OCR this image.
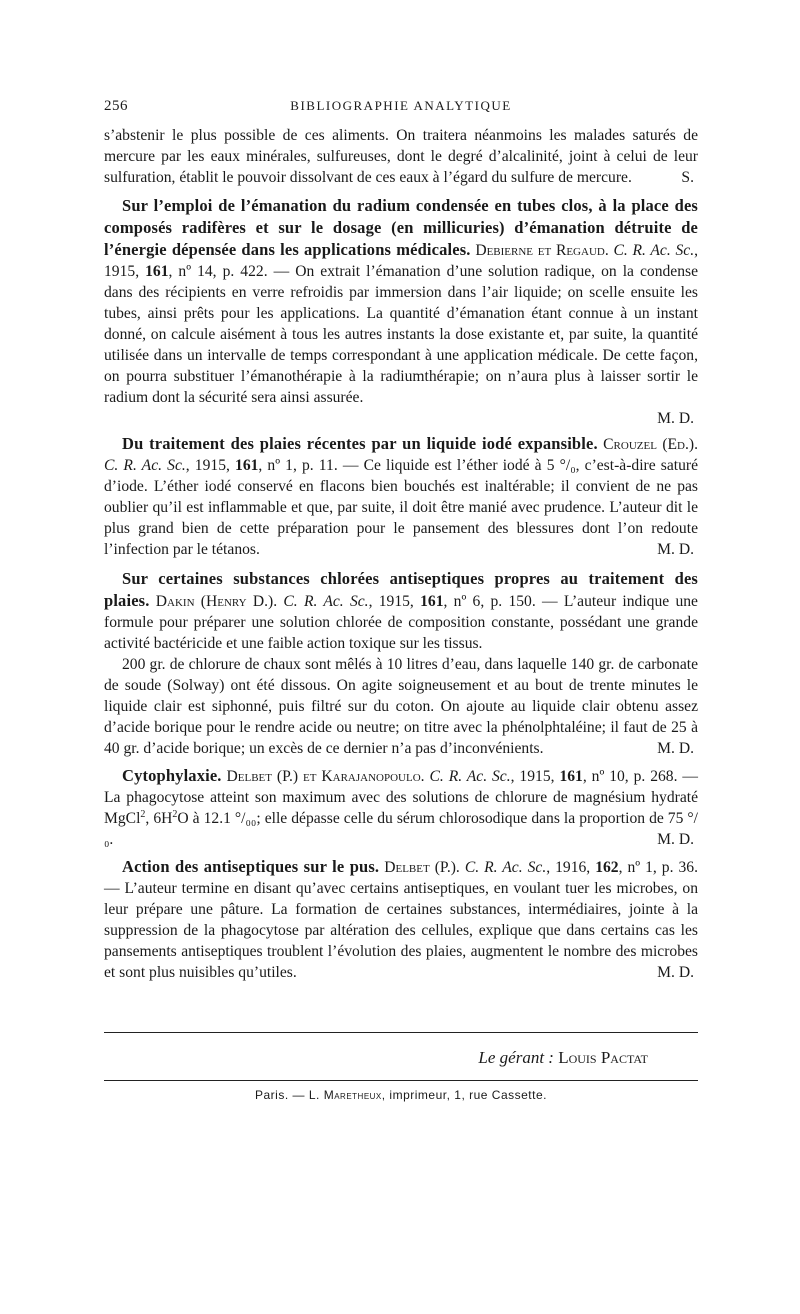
256	BIBLIOGRAPHIE ANALYTIQUE

s’abstenir le plus possible de ces aliments. On traitera néanmoins les malades saturés de mercure par les eaux minérales, sulfureuses, dont le degré d’alcalinité, joint à celui de leur sulfuration, établit le pouvoir dissolvant de ces eaux à l’égard du sulfure de mercure.	S.

Sur l’emploi de l’émanation du radium condensée en tubes clos, à la place des composés radifères et sur le dosage (en millicuries) d’émanation détruite de l’énergie dépensée dans les applications médicales. Debierne et Regaud. C. R. Ac. Sc., 1915, 161, nº 14, p. 422. — On extrait l’émanation d’une solution radique, on la condense dans des récipients en verre refroidis par immersion dans l’air liquide; on scelle ensuite les tubes, ainsi prêts pour les applications. La quantité d’émanation étant connue à un instant donné, on calcule aisément à tous les autres instants la dose existante et, par suite, la quantité utilisée dans un intervalle de temps correspondant à une application médicale. De cette façon, on pourra substituer l’émanothérapie à la radiumthérapie; on n’aura plus à laisser sortir le radium dont la sécurité sera ainsi assurée.

M. D.

Du traitement des plaies récentes par un liquide iodé expansible. Crouzel (Ed.). C. R. Ac. Sc., 1915, 161, nº 1, p. 11. — Ce liquide est l’éther iodé à 5 °/₀, c’est-à-dire saturé d’iode. L’éther iodé conservé en flacons bien bouchés est inaltérable; il convient de ne pas oublier qu’il est inflammable et que, par suite, il doit être manié avec prudence. L’auteur dit le plus grand bien de cette préparation pour le pansement des blessures dont l’on redoute l’infection par le tétanos.	M. D.

Sur certaines substances chlorées antiseptiques propres au traitement des plaies. Dakin (Henry D.). C. R. Ac. Sc., 1915, 161, nº 6, p. 150. — L’auteur indique une formule pour préparer une solution chlorée de composition constante, possédant une grande activité bactéricide et une faible action toxique sur les tissus.

200 gr. de chlorure de chaux sont mêlés à 10 litres d’eau, dans laquelle 140 gr. de carbonate de soude (Solway) ont été dissous. On agite soigneusement et au bout de trente minutes le liquide clair est siphonné, puis filtré sur du coton. On ajoute au liquide clair obtenu assez d’acide borique pour le rendre acide ou neutre; on titre avec la phénolphtaléine; il faut de 25 à 40 gr. d’acide borique; un excès de ce dernier n’a pas d’inconvénients.	M. D.

Cytophylaxie. Delbet (P.) et Karajanopoulo. C. R. Ac. Sc., 1915, 161, nº 10, p. 268. — La phagocytose atteint son maximum avec des solutions de chlorure de magnésium hydraté MgCl$^2$, $6H^2O$ à 12.1 °/₀₀; elle dépasse celle du sérum chlorosodique dans la proportion de 75 °/₀.	M. D.

Action des antiseptiques sur le pus. Delbet (P.). C. R. Ac. Sc., 1916, 162, nº 1, p. 36. — L’auteur termine en disant qu’avec certains antiseptiques, en voulant tuer les microbes, on leur prépare une pâture. La formation de certaines substances, intermédiaires, jointe à la suppression de la phagocytose par altération des cellules, explique que dans certains cas les pansements antiseptiques troublent l’évolution des plaies, augmentent le nombre des microbes et sont plus nuisibles qu’utiles.	M. D.

Le gérant : Louis Pactat
Paris. — L. Maretheux, imprimeur, 1, rue Cassette.
